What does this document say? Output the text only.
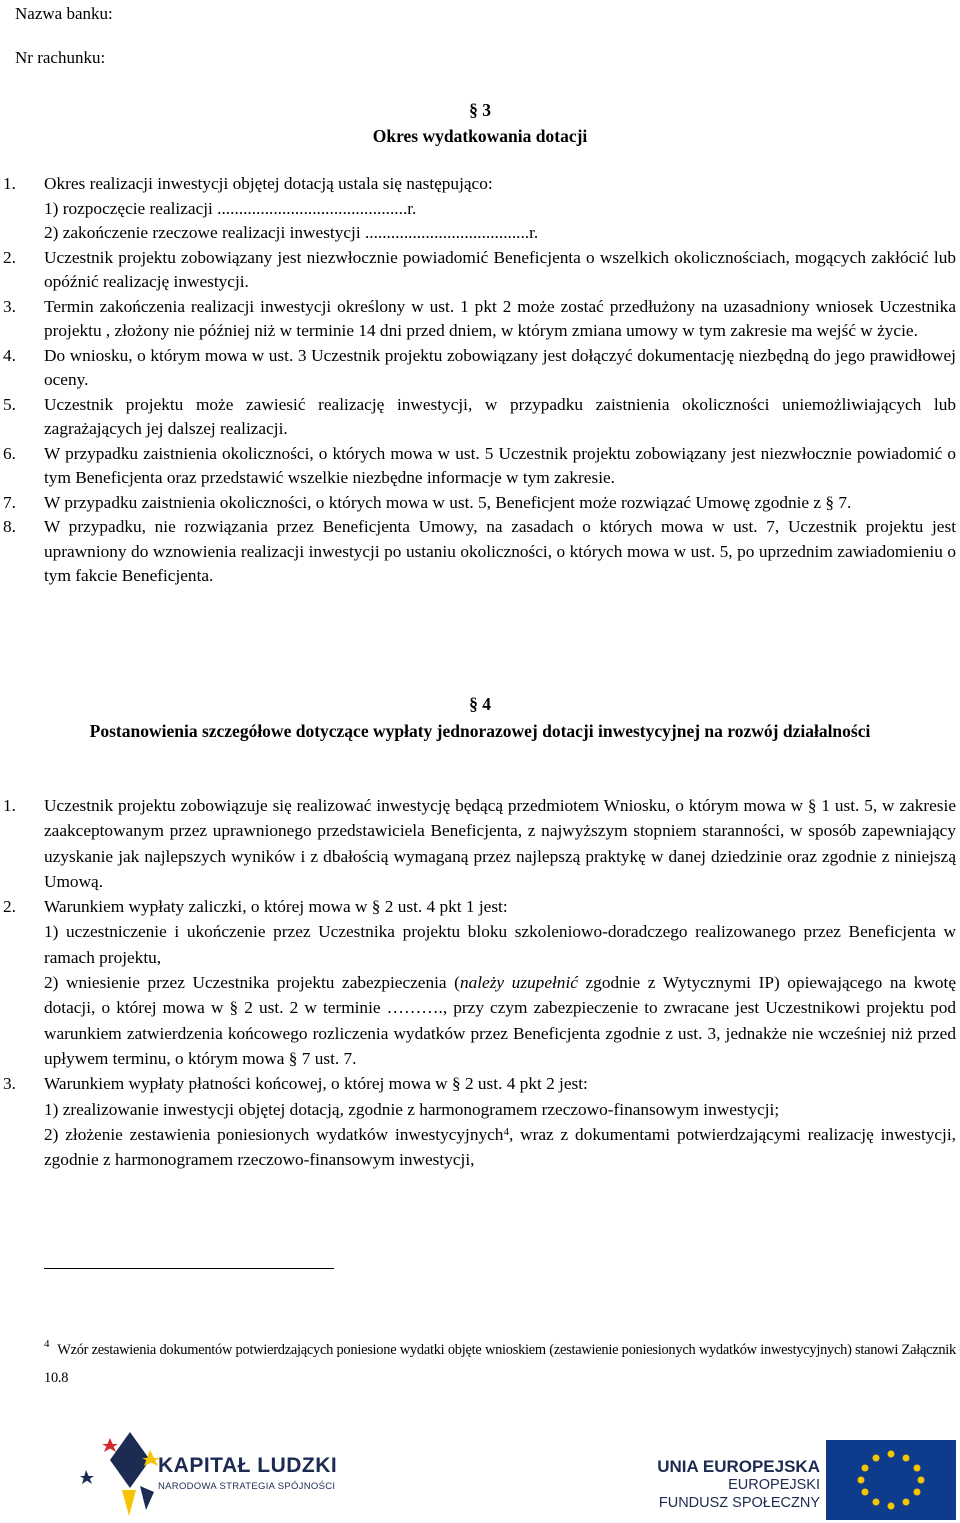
Nazwa banku:
Nr rachunku:
§ 3
Okres wydatkowania dotacji
1. Okres realizacji inwestycji objętej dotacją ustala się następująco:
1) rozpoczęcie realizacji ............................................r.
2) zakończenie rzeczowe realizacji inwestycji ......................................r.
2. Uczestnik projektu zobowiązany jest niezwłocznie powiadomić Beneficjenta o wszelkich okolicznościach, mogących zakłócić lub opóźnić realizację inwestycji.
3. Termin zakończenia realizacji inwestycji określony w ust. 1 pkt 2 może zostać przedłużony na uzasadniony wniosek Uczestnika projektu , złożony nie później niż w terminie 14 dni przed dniem, w którym zmiana umowy w tym zakresie ma wejść w życie.
4. Do wniosku, o którym mowa w ust. 3 Uczestnik projektu zobowiązany jest dołączyć dokumentację niezbędną do jego prawidłowej oceny.
5. Uczestnik projektu może zawiesić realizację inwestycji, w przypadku zaistnienia okoliczności uniemożliwiających lub zagrażających jej dalszej realizacji.
6. W przypadku zaistnienia okoliczności, o których mowa w ust. 5 Uczestnik projektu zobowiązany jest niezwłocznie powiadomić o tym Beneficjenta oraz przedstawić wszelkie niezbędne informacje w tym zakresie.
7. W przypadku zaistnienia okoliczności, o których mowa w ust. 5, Beneficjent może rozwiązać Umowę zgodnie z § 7.
8. W przypadku, nie rozwiązania przez Beneficjenta Umowy, na zasadach o których mowa w ust. 7, Uczestnik projektu jest uprawniony do wznowienia realizacji inwestycji po ustaniu okoliczności, o których mowa w ust. 5, po uprzednim zawiadomieniu o tym fakcie Beneficjenta.
§ 4
Postanowienia szczegółowe dotyczące wypłaty jednorazowej dotacji inwestycyjnej na rozwój działalności
1. Uczestnik projektu zobowiązuje się realizować inwestycję będącą przedmiotem Wniosku, o którym mowa w § 1 ust. 5, w zakresie zaakceptowanym przez uprawnionego przedstawiciela Beneficjenta, z najwyższym stopniem staranności, w sposób zapewniający uzyskanie jak najlepszych wyników i z dbałością wymaganą przez najlepszą praktykę w danej dziedzinie oraz zgodnie z niniejszą Umową.
2. Warunkiem wypłaty zaliczki, o której mowa w § 2 ust. 4 pkt 1 jest:
1) uczestniczenie i ukończenie przez Uczestnika projektu bloku szkoleniowo-doradczego realizowanego przez Beneficjenta w ramach projektu,
2) wniesienie przez Uczestnika projektu zabezpieczenia (należy uzupełnić zgodnie z Wytycznymi IP) opiewającego na kwotę dotacji, o której mowa w § 2 ust. 2 w terminie ………., przy czym zabezpieczenie to zwracane jest Uczestnikowi projektu pod warunkiem zatwierdzenia końcowego rozliczenia wydatków przez Beneficjenta zgodnie z ust. 3, jednakże nie wcześniej niż przed upływem terminu, o którym mowa § 7 ust. 7.
3. Warunkiem wypłaty płatności końcowej, o której mowa w § 2 ust. 4 pkt 2 jest:
1) zrealizowanie inwestycji objętej dotacją, zgodnie z harmonogramem rzeczowo-finansowym inwestycji;
2) złożenie zestawienia poniesionych wydatków inwestycyjnych$^4$, wraz z dokumentami potwierdzającymi realizację inwestycji, zgodnie z harmonogramem rzeczowo-finansowym inwestycji,
$^4$ Wzór zestawienia dokumentów potwierdzających poniesione wydatki objęte wnioskiem (zestawienie poniesionych wydatków inwestycyjnych) stanowi Załącznik 10.8
KAPITAŁ LUDZKI
NARODOWA STRATEGIA SPÓJNOŚCI
UNIA EUROPEJSKA
EUROPEJSKI
FUNDUSZ SPOŁECZNY
